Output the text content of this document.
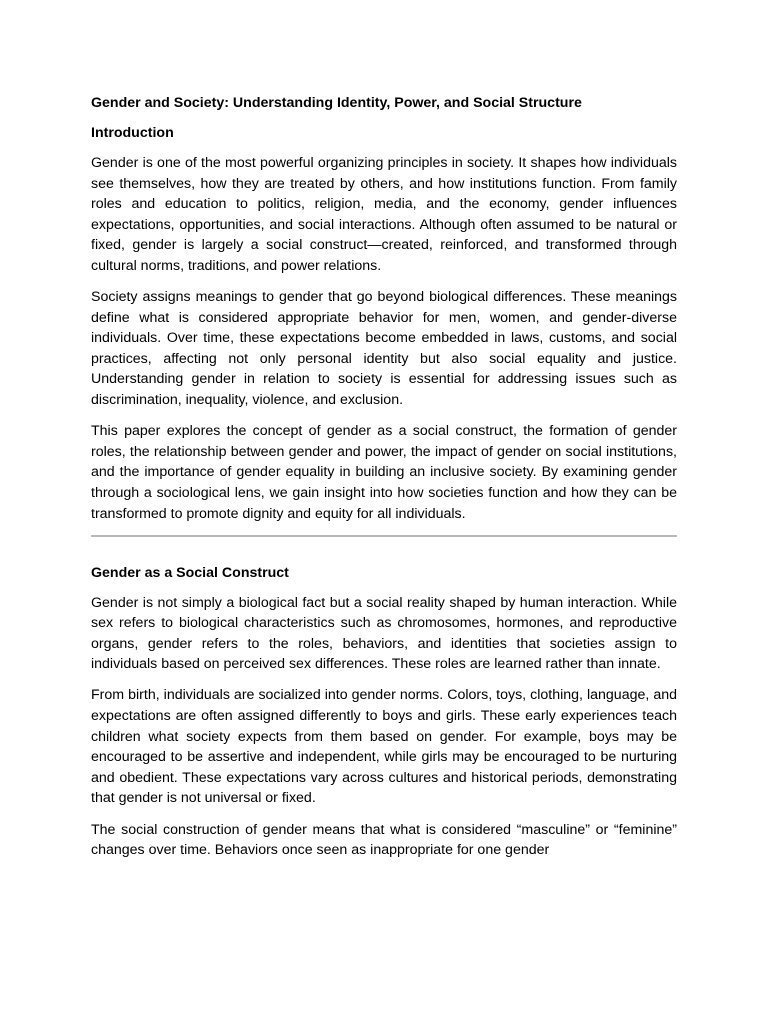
Gender and Society: Understanding Identity, Power, and Social Structure
Introduction

Gender is one of the most powerful organizing principles in society. It shapes how individuals see themselves, how they are treated by others, and how institutions function. From family roles and education to politics, religion, media, and the economy, gender influences expectations, opportunities, and social interactions. Although often assumed to be natural or fixed, gender is largely a social construct—created, reinforced, and transformed through cultural norms, traditions, and power relations.

Society assigns meanings to gender that go beyond biological differences. These meanings define what is considered appropriate behavior for men, women, and gender-diverse individuals. Over time, these expectations become embedded in laws, customs, and social practices, affecting not only personal identity but also social equality and justice. Understanding gender in relation to society is essential for addressing issues such as discrimination, inequality, violence, and exclusion.

This paper explores the concept of gender as a social construct, the formation of gender roles, the relationship between gender and power, the impact of gender on social institutions, and the importance of gender equality in building an inclusive society. By examining gender through a sociological lens, we gain insight into how societies function and how they can be transformed to promote dignity and equity for all individuals.

Gender as a Social Construct

Gender is not simply a biological fact but a social reality shaped by human interaction. While sex refers to biological characteristics such as chromosomes, hormones, and reproductive organs, gender refers to the roles, behaviors, and identities that societies assign to individuals based on perceived sex differences. These roles are learned rather than innate.

From birth, individuals are socialized into gender norms. Colors, toys, clothing, language, and expectations are often assigned differently to boys and girls. These early experiences teach children what society expects from them based on gender. For example, boys may be encouraged to be assertive and independent, while girls may be encouraged to be nurturing and obedient. These expectations vary across cultures and historical periods, demonstrating that gender is not universal or fixed.

The social construction of gender means that what is considered “masculine” or “feminine” changes over time. Behaviors once seen as inappropriate for one gender
